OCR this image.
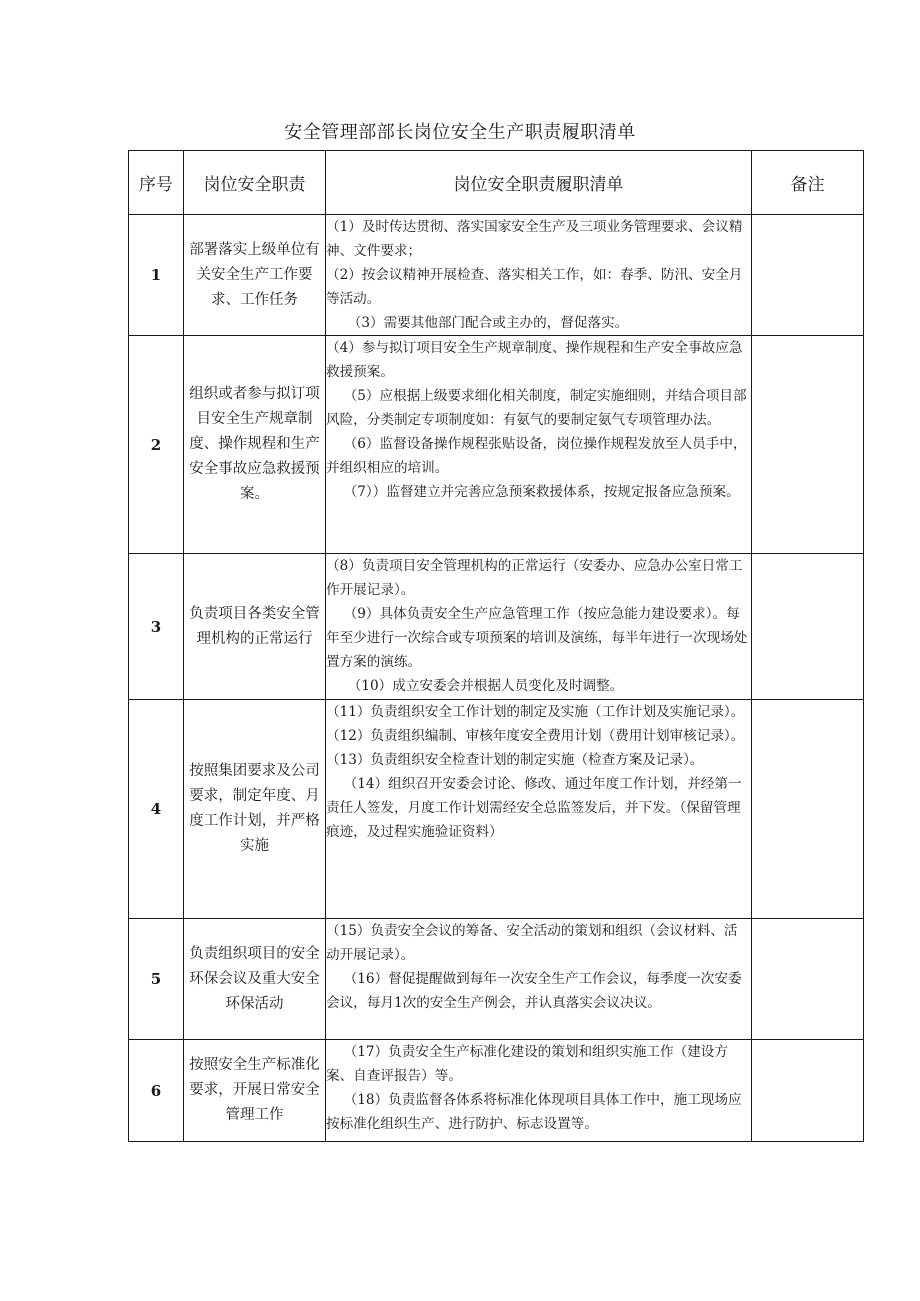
安全管理部部长岗位安全生产职责履职清单
序号	岗位安全职责	岗位安全职责履职清单	备注
1	部署落实上级单位有关安全生产工作要求、工作任务	（1）及时传达贯彻、落实国家安全生产及三项业务管理要求、会议精神、文件要求；

（2）按会议精神开展检查、落实相关工作，如：春季、防汛、安全月等活动。

（3）需要其他部门配合或主办的，督促落实。	

2	组织或者参与拟订项目安全生产规章制度、操作规程和生产安全事故应急救援预案。	（4）参与拟订项目安全生产规章制度、操作规程和生产安全事故应急救援预案。

（5）应根据上级要求细化相关制度，制定实施细则，并结合项目部风险，分类制定专项制度如：有氨气的要制定氨气专项管理办法。

（6）监督设备操作规程张贴设备，岗位操作规程发放至人员手中，并组织相应的培训。

（7））监督建立并完善应急预案救援体系，按规定报备应急预案。	

3	负责项目各类安全管理机构的正常运行	（8）负责项目安全管理机构的正常运行（安委办、应急办公室日常工作开展记录）。

（9）具体负责安全生产应急管理工作（按应急能力建设要求）。每年至少进行一次综合或专项预案的培训及演练，每半年进行一次现场处置方案的演练。

（10）成立安委会并根据人员变化及时调整。	

4	按照集团要求及公司要求，制定年度、月度工作计划，并严格实施	（11）负责组织安全工作计划的制定及实施（工作计划及实施记录）。

（12）负责组织编制、审核年度安全费用计划（费用计划审核记录）。

（13）负责组织安全检查计划的制定实施（检查方案及记录）。

（14）组织召开安委会讨论、修改、通过年度工作计划，并经第一责任人签发，月度工作计划需经安全总监签发后，并下发。（保留管理痕迹，及过程实施验证资料）	

5	负责组织项目的安全环保会议及重大安全环保活动	（15）负责安全会议的筹备、安全活动的策划和组织（会议材料、活动开展记录）。

（16）督促提醒做到每年一次安全生产工作会议，每季度一次安委会议，每月1次的安全生产例会，并认真落实会议决议。	

6	按照安全生产标准化要求，开展日常安全管理工作	（17）负责安全生产标准化建设的策划和组织实施工作（建设方案、自查评报告）等。

（18）负责监督各体系将标准化体现项目具体工作中，施工现场应按标准化组织生产、进行防护、标志设置等。	
